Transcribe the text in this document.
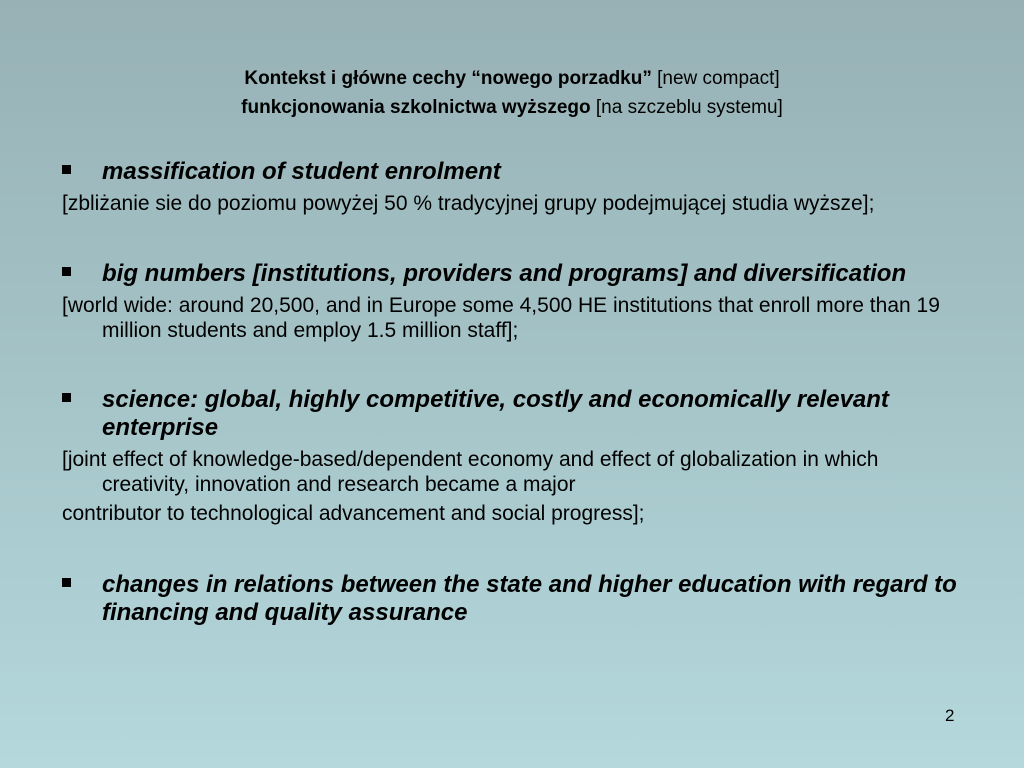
Kontekst i główne cechy “nowego porzadku” [new compact]
funkcjonowania szkolnictwa wyższego [na szczeblu systemu]
massification of student enrolment
[zbliżanie sie do poziomu powyżej 50 % tradycyjnej grupy podejmującej studia wyższe];
big numbers [institutions, providers and programs] and diversification
[world wide: around 20,500, and in Europe some 4,500 HE institutions that enroll more than 19 million students and employ 1.5 million staff];
science: global, highly competitive, costly and economically relevant enterprise
[joint effect of knowledge-based/dependent economy and effect of globalization in which creativity, innovation and research became a major
contributor to technological advancement and social progress];
changes in relations between the state and higher education with regard to financing and quality assurance
2
